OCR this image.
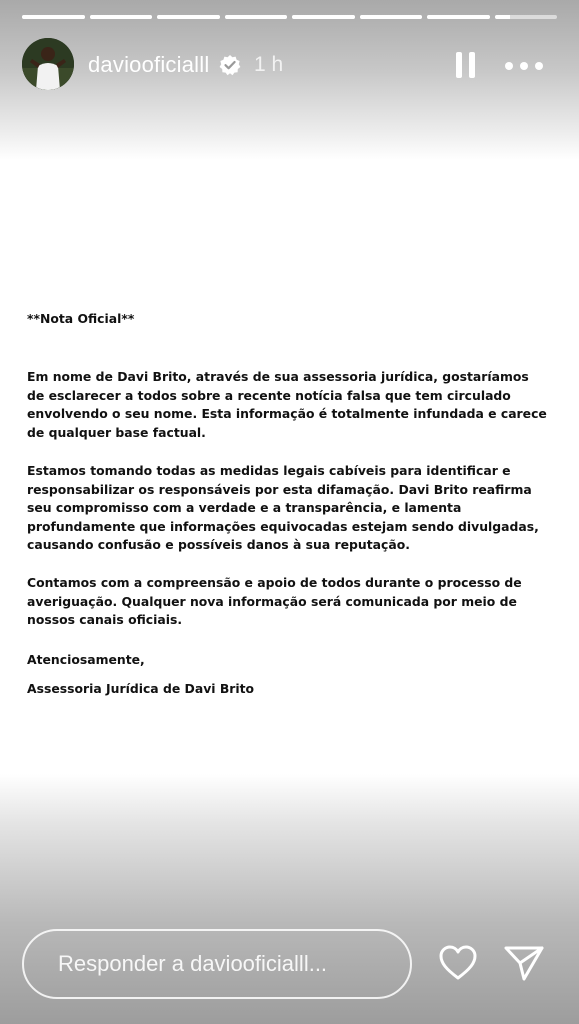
daviooficialll 1 h

**Nota Oficial**

Em nome de Davi Brito, através de sua assessoria jurídica, gostaríamos de esclarecer a todos sobre a recente notícia falsa que tem circulado envolvendo o seu nome. Esta informação é totalmente infundada e carece de qualquer base factual.

Estamos tomando todas as medidas legais cabíveis para identificar e responsabilizar os responsáveis por esta difamação. Davi Brito reafirma seu compromisso com a verdade e a transparência, e lamenta profundamente que informações equivocadas estejam sendo divulgadas, causando confusão e possíveis danos à sua reputação.

Contamos com a compreensão e apoio de todos durante o processo de averiguação. Qualquer nova informação será comunicada por meio de nossos canais oficiais.

Atenciosamente,

Assessoria Jurídica de Davi Brito

Responder a daviooficialll...
